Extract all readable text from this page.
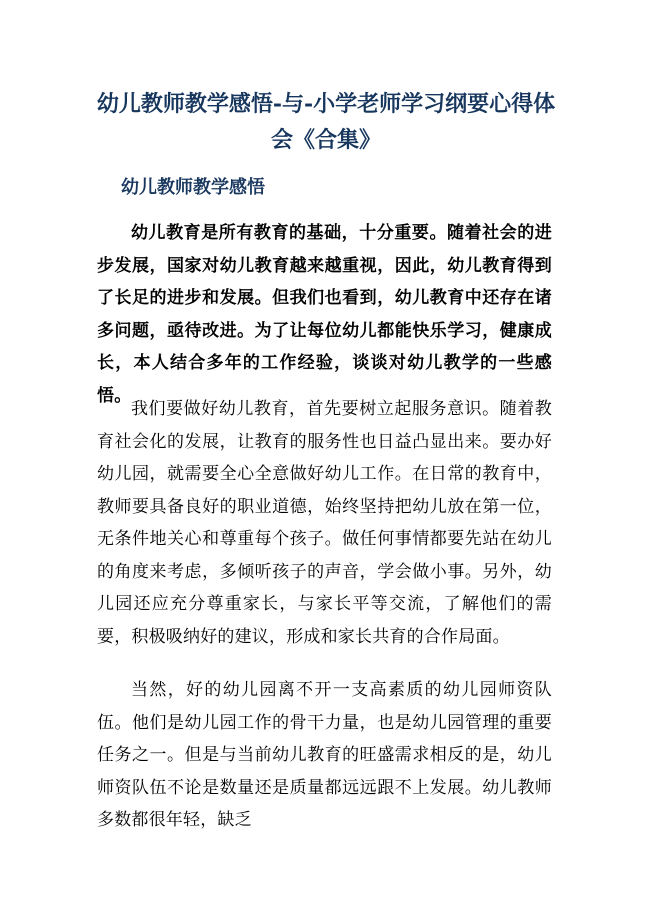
幼儿教师教学感悟-与-小学老师学习纲要心得体会《合集》
幼儿教师教学感悟

幼儿教育是所有教育的基础，十分重要。随着社会的进步发展，国家对幼儿教育越来越重视，因此，幼儿教育得到了长足的进步和发展。但我们也看到，幼儿教育中还存在诸多问题，亟待改进。为了让每位幼儿都能快乐学习，健康成长，本人结合多年的工作经验，谈谈对幼儿教学的一些感悟。

我们要做好幼儿教育，首先要树立起服务意识。随着教育社会化的发展，让教育的服务性也日益凸显出来。要办好幼儿园，就需要全心全意做好幼儿工作。在日常的教育中，教师要具备良好的职业道德，始终坚持把幼儿放在第一位，无条件地关心和尊重每个孩子。做任何事情都要先站在幼儿的角度来考虑，多倾听孩子的声音，学会做小事。另外，幼儿园还应充分尊重家长，与家长平等交流，了解他们的需要，积极吸纳好的建议，形成和家长共育的合作局面。

当然，好的幼儿园离不开一支高素质的幼儿园师资队伍。他们是幼儿园工作的骨干力量，也是幼儿园管理的重要任务之一。但是与当前幼儿教育的旺盛需求相反的是，幼儿师资队伍不论是数量还是质量都远远跟不上发展。幼儿教师多数都很年轻，缺乏
